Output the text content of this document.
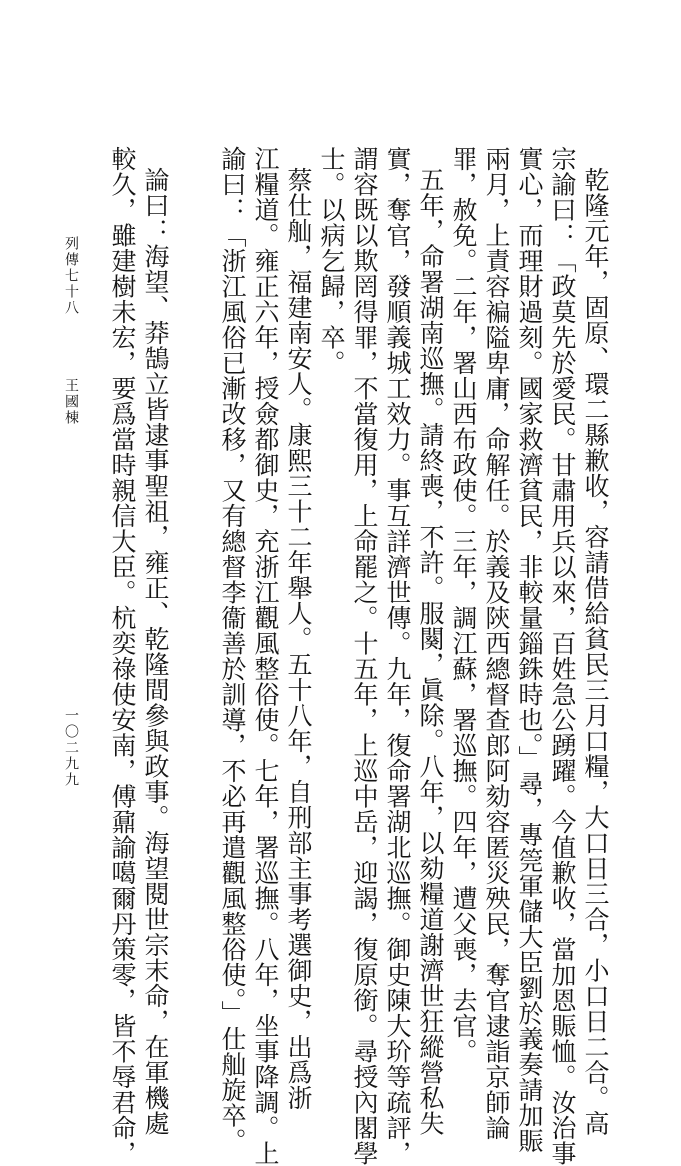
乾隆元年，固原、環二縣歉收，容請借給貧民三月口糧，大口日三合，小口日二合。高
宗諭曰：「政莫先於愛民。甘肅用兵以來，百姓急公踴躍。今值歉收，當加恩賑恤。汝治事
實心，而理財過刻。國家救濟貧民，非較量錙銖時也。」尋，專筦軍儲大臣劉於義奏請加賑
兩月，上責容褊隘卑庸，命解任。於義及陝西總督查郎阿劾容匿災殃民，奪官逮詣京師論
罪，赦免。二年，署山西布政使。三年，調江蘇，署巡撫。四年，遭父喪，去官。
五年，命署湖南巡撫。請終喪，不許。服闋，眞除。八年，以劾糧道謝濟世狂縱營私失
實，奪官，發順義城工效力。事互詳濟世傳。九年，復命署湖北巡撫。御史陳大玠等疏評，
謂容既以欺罔得罪，不當復用，上命罷之。十五年，上巡中岳，迎謁，復原銜。尋授內閣學
士。以病乞歸，卒。
蔡仕舢，福建南安人。康熙三十二年舉人。五十八年，自刑部主事考選御史，出爲浙
江糧道。雍正六年，授僉都御史，充浙江觀風整俗使。七年，署巡撫。八年，坐事降調。上
諭曰：「浙江風俗已漸改移，又有總督李衞善於訓導，不必再遣觀風整俗使。」仕舢旋卒。
論曰：海望、莽鵠立皆逮事聖祖，雍正、乾隆間參與政事。海望閱世宗末命，在軍機處
較久，雖建樹未宏，要爲當時親信大臣。杭奕祿使安南，傅鼐諭噶爾丹策零，皆不辱君命，
列傳七十八
王國棟
一〇二九九
